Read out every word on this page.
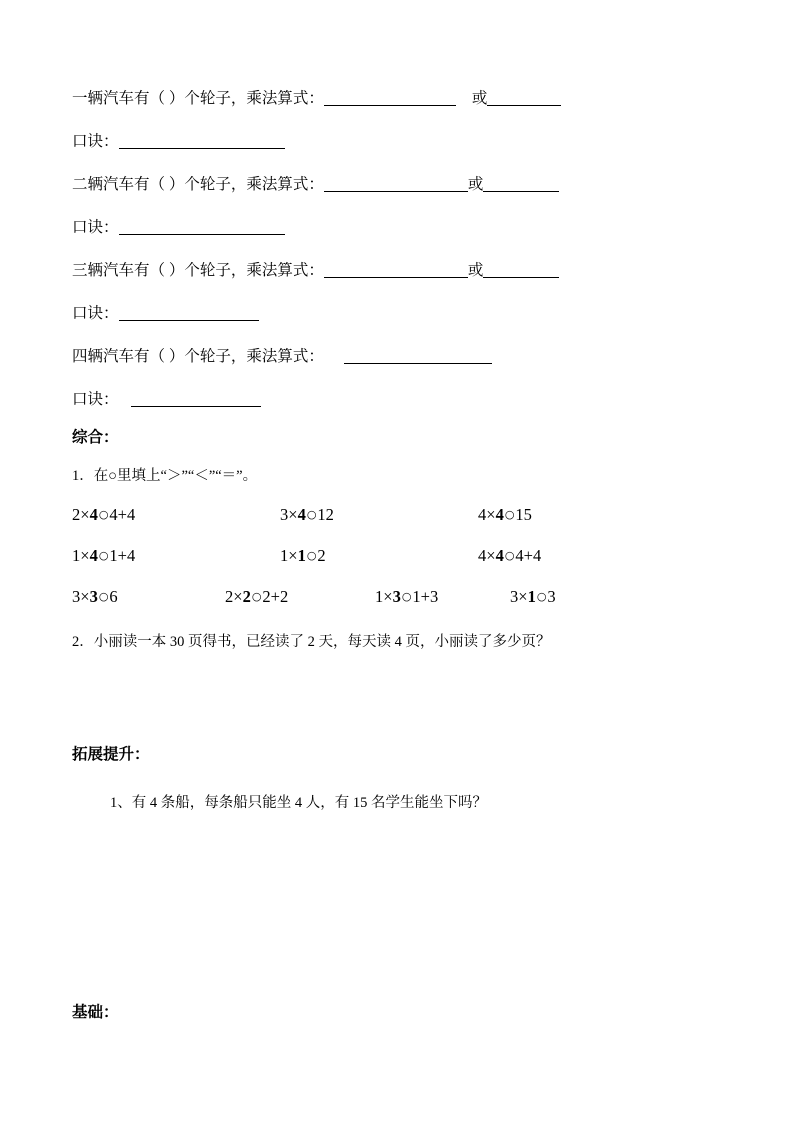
一辆汽车有（ ）个轮子，乘法算式：	或
口诀：
二辆汽车有（ ）个轮子，乘法算式：	或
口诀：
三辆汽车有（ ）个轮子，乘法算式：	或
口诀：
四辆汽车有（ ）个轮子，乘法算式：
口诀：
综合：
1．在○里填上“＞”“＜”“＝”。
2×4○4+4	3×4○12	4×4○15
1×4○1+4	1×1○2	4×4○4+4
3×3○6	2×2○2+2	1×3○1+3	3×1○3
2．小丽读一本 30 页得书，已经读了 2 天，每天读 4 页，小丽读了多少页？
拓展提升：
1、有 4 条船，每条船只能坐 4 人，有 15 名学生能坐下吗？
基础：
